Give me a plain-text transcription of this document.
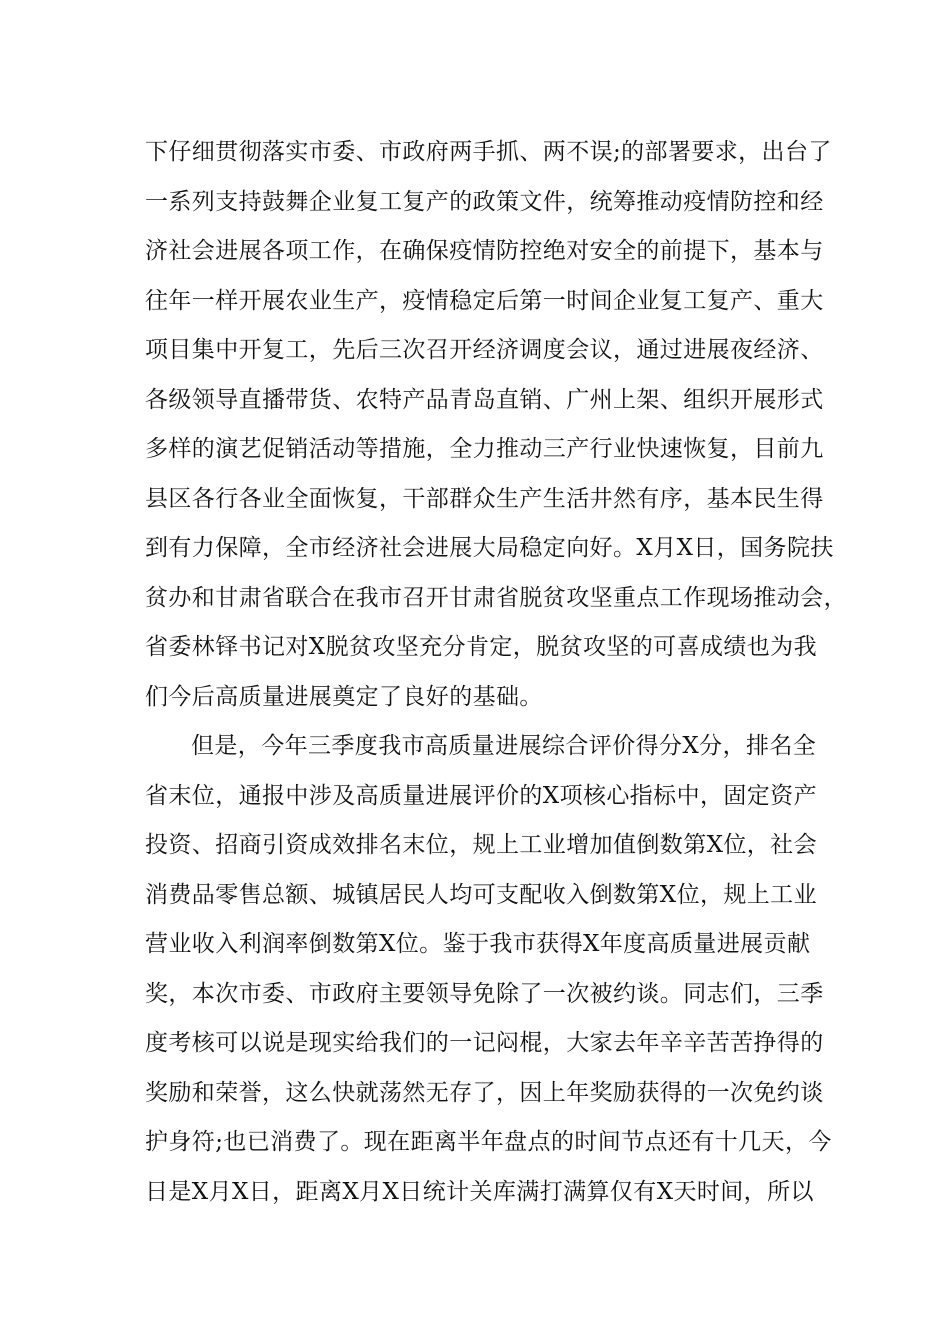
下仔细贯彻落实市委、市政府两手抓、两不误;的部署要求，出台了
一系列支持鼓舞企业复工复产的政策文件，统筹推动疫情防控和经
济社会进展各项工作，在确保疫情防控绝对安全的前提下，基本与
往年一样开展农业生产，疫情稳定后第一时间企业复工复产、重大
项目集中开复工，先后三次召开经济调度会议，通过进展夜经济、
各级领导直播带货、农特产品青岛直销、广州上架、组织开展形式
多样的演艺促销活动等措施，全力推动三产行业快速恢复，目前九
县区各行各业全面恢复，干部群众生产生活井然有序，基本民生得
到有力保障，全市经济社会进展大局稳定向好。X月X日，国务院扶
贫办和甘肃省联合在我市召开甘肃省脱贫攻坚重点工作现场推动会，
省委林铎书记对X脱贫攻坚充分肯定，脱贫攻坚的可喜成绩也为我
们今后高质量进展奠定了良好的基础。
但是，今年三季度我市高质量进展综合评价得分X分，排名全
省末位，通报中涉及高质量进展评价的X项核心指标中，固定资产
投资、招商引资成效排名末位，规上工业增加值倒数第X位，社会
消费品零售总额、城镇居民人均可支配收入倒数第X位，规上工业
营业收入利润率倒数第X位。鉴于我市获得X年度高质量进展贡献
奖，本次市委、市政府主要领导免除了一次被约谈。同志们，三季
度考核可以说是现实给我们的一记闷棍，大家去年辛辛苦苦挣得的
奖励和荣誉，这么快就荡然无存了，因上年奖励获得的一次免约谈
护身符;也已消费了。现在距离半年盘点的时间节点还有十几天，今
日是X月X日，距离X月X日统计关库满打满算仅有X天时间，所以
